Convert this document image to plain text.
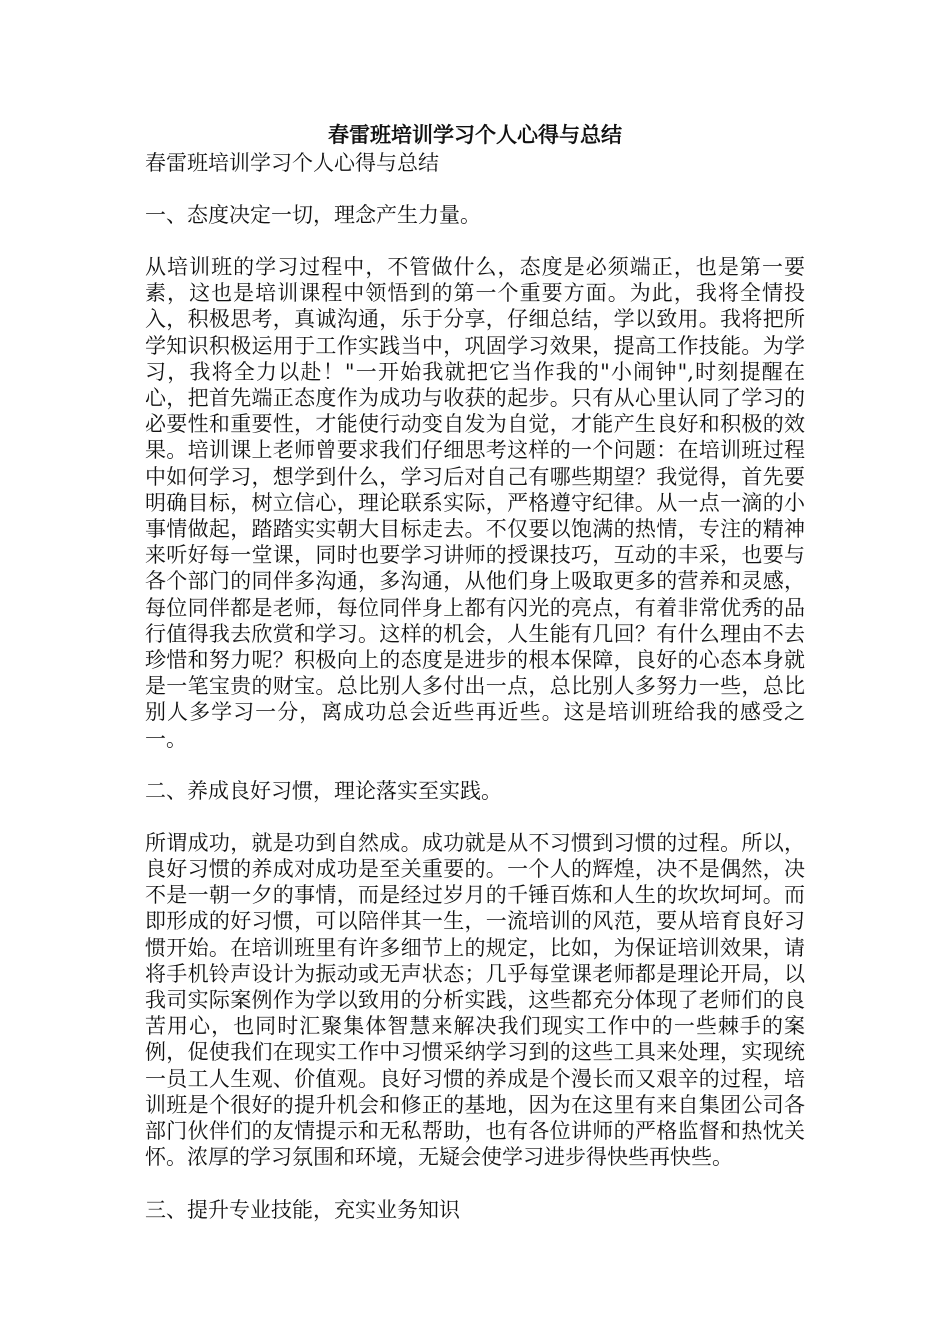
春雷班培训学习个人心得与总结

春雷班培训学习个人心得与总结

一、态度决定一切，理念产生力量。

从培训班的学习过程中，不管做什么，态度是必须端正，也是第一要素，这也是培训课程中领悟到的第一个重要方面。为此，我将全情投入，积极思考，真诚沟通，乐于分享，仔细总结，学以致用。我将把所学知识积极运用于工作实践当中，巩固学习效果，提高工作技能。为学习，我将全力以赴！"一开始我就把它当作我的"小闹钟",时刻提醒在心，把首先端正态度作为成功与收获的起步。只有从心里认同了学习的必要性和重要性，才能使行动变自发为自觉，才能产生良好和积极的效果。培训课上老师曾要求我们仔细思考这样的一个问题：在培训班过程中如何学习，想学到什么，学习后对自己有哪些期望？我觉得，首先要明确目标，树立信心，理论联系实际，严格遵守纪律。从一点一滴的小事情做起，踏踏实实朝大目标走去。不仅要以饱满的热情，专注的精神来听好每一堂课，同时也要学习讲师的授课技巧，互动的丰采，也要与各个部门的同伴多沟通，多沟通，从他们身上吸取更多的营养和灵感，每位同伴都是老师，每位同伴身上都有闪光的亮点，有着非常优秀的品行值得我去欣赏和学习。这样的机会，人生能有几回？有什么理由不去珍惜和努力呢？积极向上的态度是进步的根本保障，良好的心态本身就是一笔宝贵的财宝。总比别人多付出一点，总比别人多努力一些，总比别人多学习一分，离成功总会近些再近些。这是培训班给我的感受之一。

二、养成良好习惯，理论落实至实践。

所谓成功，就是功到自然成。成功就是从不习惯到习惯的过程。所以，良好习惯的养成对成功是至关重要的。一个人的辉煌，决不是偶然，决不是一朝一夕的事情，而是经过岁月的千锤百炼和人生的坎坎坷坷。而即形成的好习惯，可以陪伴其一生，一流培训的风范，要从培育良好习惯开始。在培训班里有许多细节上的规定，比如，为保证培训效果，请将手机铃声设计为振动或无声状态；几乎每堂课老师都是理论开局，以我司实际案例作为学以致用的分析实践，这些都充分体现了老师们的良苦用心，也同时汇聚集体智慧来解决我们现实工作中的一些棘手的案例，促使我们在现实工作中习惯采纳学习到的这些工具来处理，实现统一员工人生观、价值观。良好习惯的养成是个漫长而又艰辛的过程，培训班是个很好的提升机会和修正的基地，因为在这里有来自集团公司各部门伙伴们的友情提示和无私帮助，也有各位讲师的严格监督和热忱关怀。浓厚的学习氛围和环境，无疑会使学习进步得快些再快些。

三、提升专业技能，充实业务知识
